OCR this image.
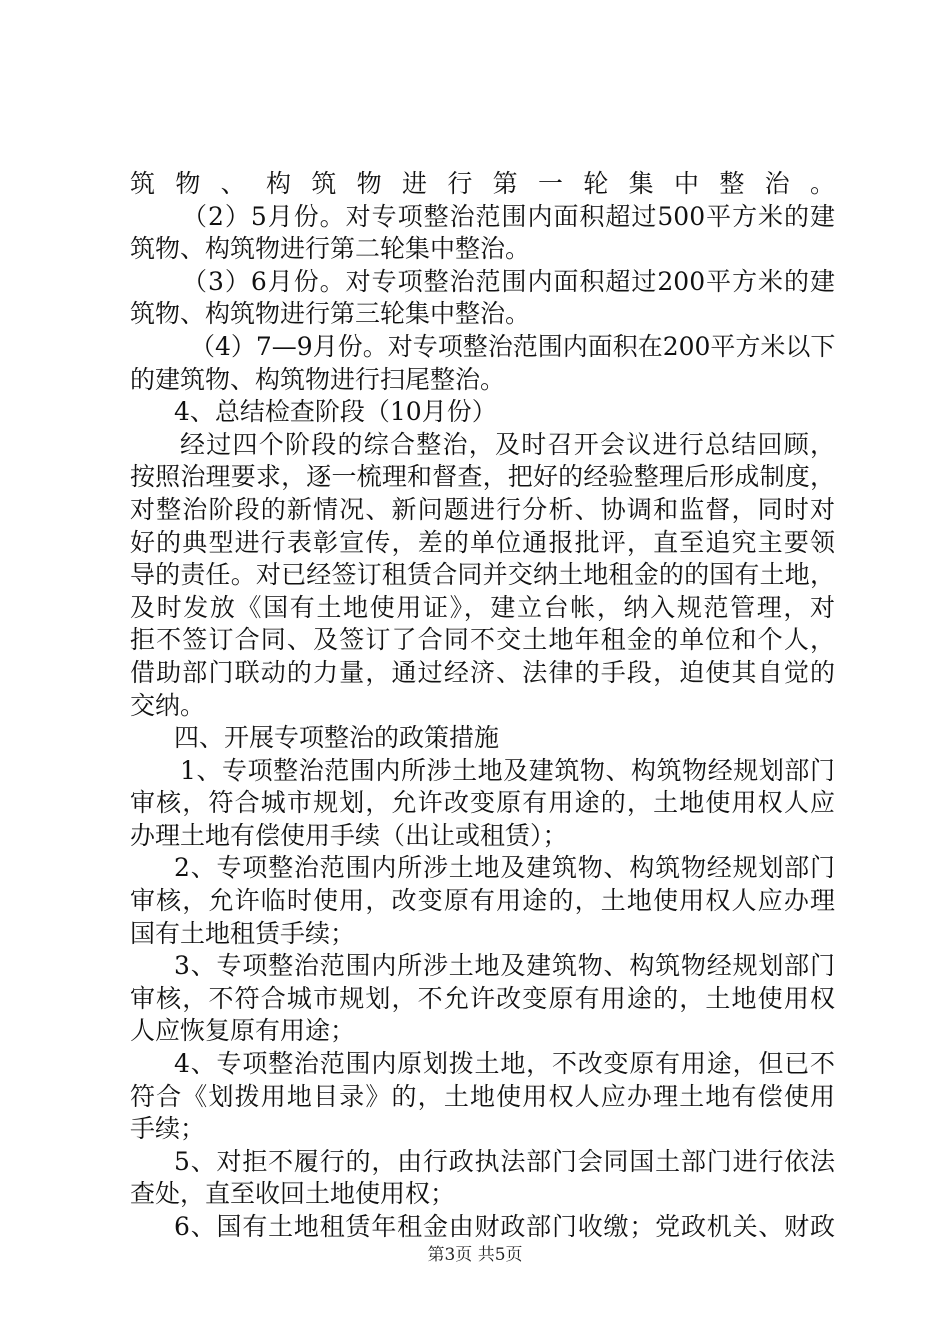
筑物、构筑物进行第一轮集中整治。
（2）5月份。对专项整治范围内面积超过500平方米的建
筑物、构筑物进行第二轮集中整治。
（3）6月份。对专项整治范围内面积超过200平方米的建
筑物、构筑物进行第三轮集中整治。
（4）7—9月份。对专项整治范围内面积在200平方米以下
的建筑物、构筑物进行扫尾整治。
4、总结检查阶段（10月份）
经过四个阶段的综合整治，及时召开会议进行总结回顾，
按照治理要求，逐一梳理和督查，把好的经验整理后形成制度，
对整治阶段的新情况、新问题进行分析、协调和监督，同时对
好的典型进行表彰宣传，差的单位通报批评，直至追究主要领
导的责任。对已经签订租赁合同并交纳土地租金的的国有土地，
及时发放《国有土地使用证》，建立台帐，纳入规范管理，对
拒不签订合同、及签订了合同不交土地年租金的单位和个人，
借助部门联动的力量，通过经济、法律的手段，迫使其自觉的
交纳。
四、开展专项整治的政策措施
1、专项整治范围内所涉土地及建筑物、构筑物经规划部门
审核，符合城市规划，允许改变原有用途的，土地使用权人应
办理土地有偿使用手续（出让或租赁）；
2、专项整治范围内所涉土地及建筑物、构筑物经规划部门
审核，允许临时使用，改变原有用途的，土地使用权人应办理
国有土地租赁手续；
3、专项整治范围内所涉土地及建筑物、构筑物经规划部门
审核，不符合城市规划，不允许改变原有用途的，土地使用权
人应恢复原有用途；
4、专项整治范围内原划拨土地，不改变原有用途，但已不
符合《划拨用地目录》的，土地使用权人应办理土地有偿使用
手续；
5、对拒不履行的，由行政执法部门会同国土部门进行依法
查处，直至收回土地使用权；
6、国有土地租赁年租金由财政部门收缴；党政机关、财政
第3页 共5页
